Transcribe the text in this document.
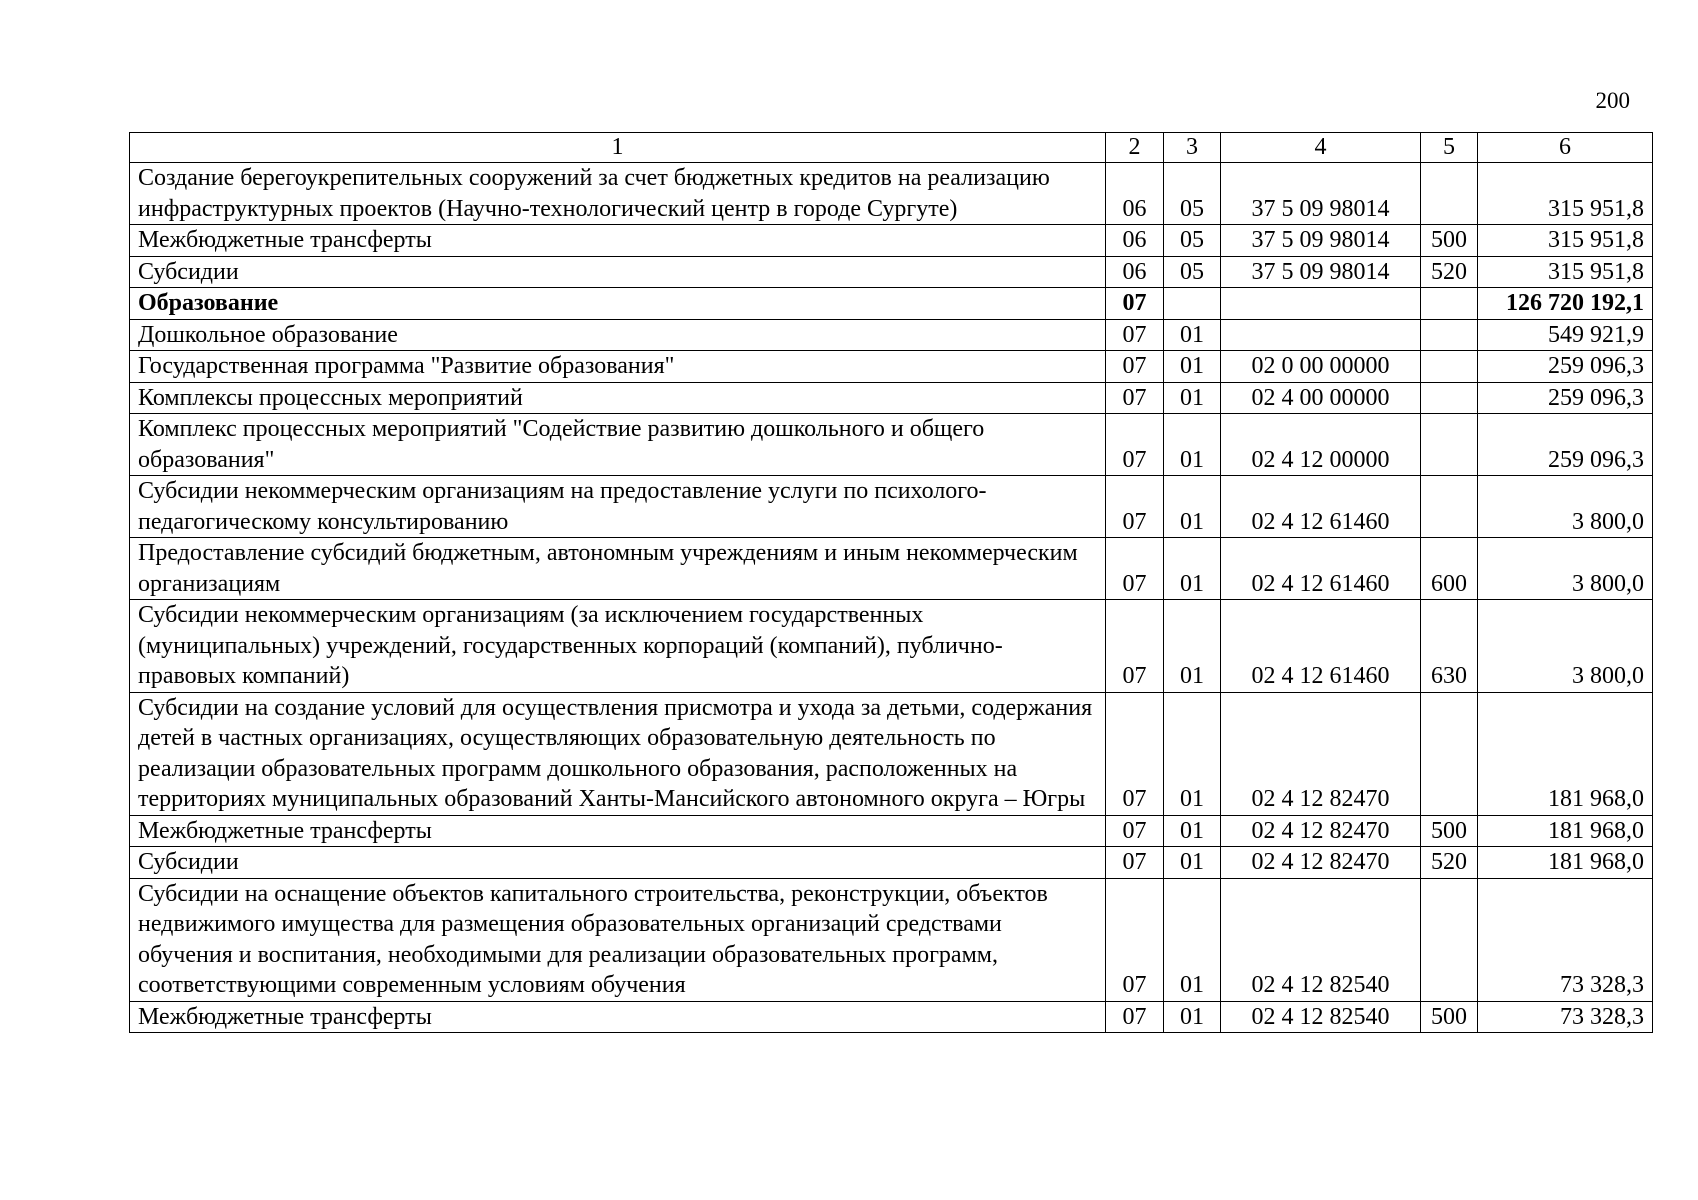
200
1	2	3	4	5	6
Создание берегоукрепительных сооружений за счет бюджетных кредитов на реализацию инфраструктурных проектов (Научно-технологический центр в городе Сургуте)	06	05	37 5 09 98014		315 951,8
Межбюджетные трансферты	06	05	37 5 09 98014	500	315 951,8
Субсидии	06	05	37 5 09 98014	520	315 951,8
Образование	07				126 720 192,1
Дошкольное образование	07	01			549 921,9
Государственная программа "Развитие образования"	07	01	02 0 00 00000		259 096,3
Комплексы процессных мероприятий	07	01	02 4 00 00000		259 096,3
Комплекс процессных мероприятий "Содействие развитию дошкольного и общего образования"	07	01	02 4 12 00000		259 096,3
Субсидии некоммерческим организациям на предоставление услуги по психолого-педагогическому консультированию	07	01	02 4 12 61460		3 800,0
Предоставление субсидий бюджетным, автономным учреждениям и иным некоммерческим организациям	07	01	02 4 12 61460	600	3 800,0
Субсидии некоммерческим организациям (за исключением государственных (муниципальных) учреждений, государственных корпораций (компаний), публично-правовых компаний)	07	01	02 4 12 61460	630	3 800,0
Субсидии на создание условий для осуществления присмотра и ухода за детьми, содержания детей в частных организациях, осуществляющих образовательную деятельность по реализации образовательных программ дошкольного образования, расположенных на территориях муниципальных образований Ханты-Мансийского автономного округа – Югры	07	01	02 4 12 82470		181 968,0
Межбюджетные трансферты	07	01	02 4 12 82470	500	181 968,0
Субсидии	07	01	02 4 12 82470	520	181 968,0
Субсидии на оснащение объектов капитального строительства, реконструкции, объектов недвижимого имущества для размещения образовательных организаций средствами обучения и воспитания, необходимыми для реализации образовательных программ, соответствующими современным условиям обучения	07	01	02 4 12 82540		73 328,3
Межбюджетные трансферты	07	01	02 4 12 82540	500	73 328,3
